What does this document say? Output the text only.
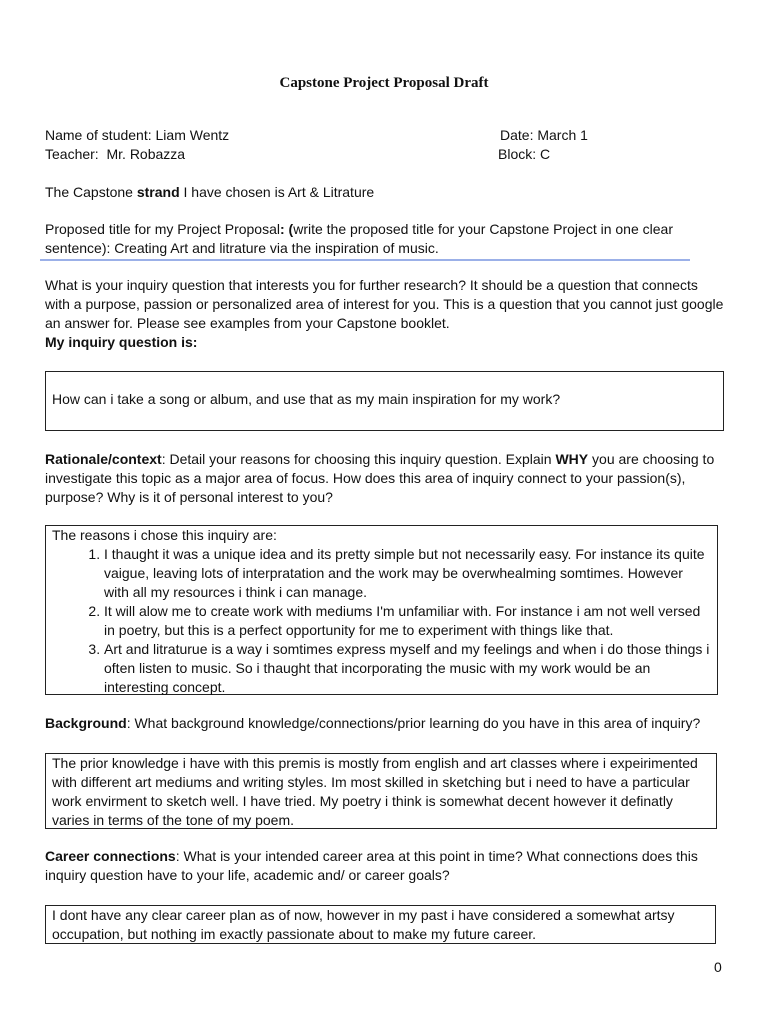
Capstone Project Proposal Draft
Name of student: Liam Wentz	Date: March 1
Teacher: Mr. Robazza	Block: C
The Capstone strand I have chosen is Art & Litrature
Proposed title for my Project Proposal: (write the proposed title for your Capstone Project in one clear sentence): Creating Art and litrature via the inspiration of music.
What is your inquiry question that interests you for further research? It should be a question that connects with a purpose, passion or personalized area of interest for you. This is a question that you cannot just google an answer for. Please see examples from your Capstone booklet.
My inquiry question is:
How can i take a song or album, and use that as my main inspiration for my work?
Rationale/context: Detail your reasons for choosing this inquiry question. Explain WHY you are choosing to investigate this topic as a major area of focus. How does this area of inquiry connect to your passion(s), purpose? Why is it of personal interest to you?
The reasons i chose this inquiry are:
1. I thaught it was a unique idea and its pretty simple but not necessarily easy. For instance its quite vaigue, leaving lots of interpratation and the work may be overwhealming somtimes. However with all my resources i think i can manage.
2. It will alow me to create work with mediums I'm unfamiliar with. For instance i am not well versed in poetry, but this is a perfect opportunity for me to experiment with things like that.
3. Art and litraturue is a way i somtimes express myself and my feelings and when i do those things i often listen to music. So i thaught that incorporating the music with my work would be an interesting concept.
Background: What background knowledge/connections/prior learning do you have in this area of inquiry?
The prior knowledge i have with this premis is mostly from english and art classes where i expeirimented with different art mediums and writing styles. Im most skilled in sketching but i need to have a particular work envirment to sketch well. I have tried. My poetry i think is somewhat decent however it definatly varies in terms of the tone of my poem.
Career connections: What is your intended career area at this point in time? What connections does this inquiry question have to your life, academic and/ or career goals?
I dont have any clear career plan as of now, however in my past i have considered a somewhat artsy occupation, but nothing im exactly passionate about to make my future career.
0
